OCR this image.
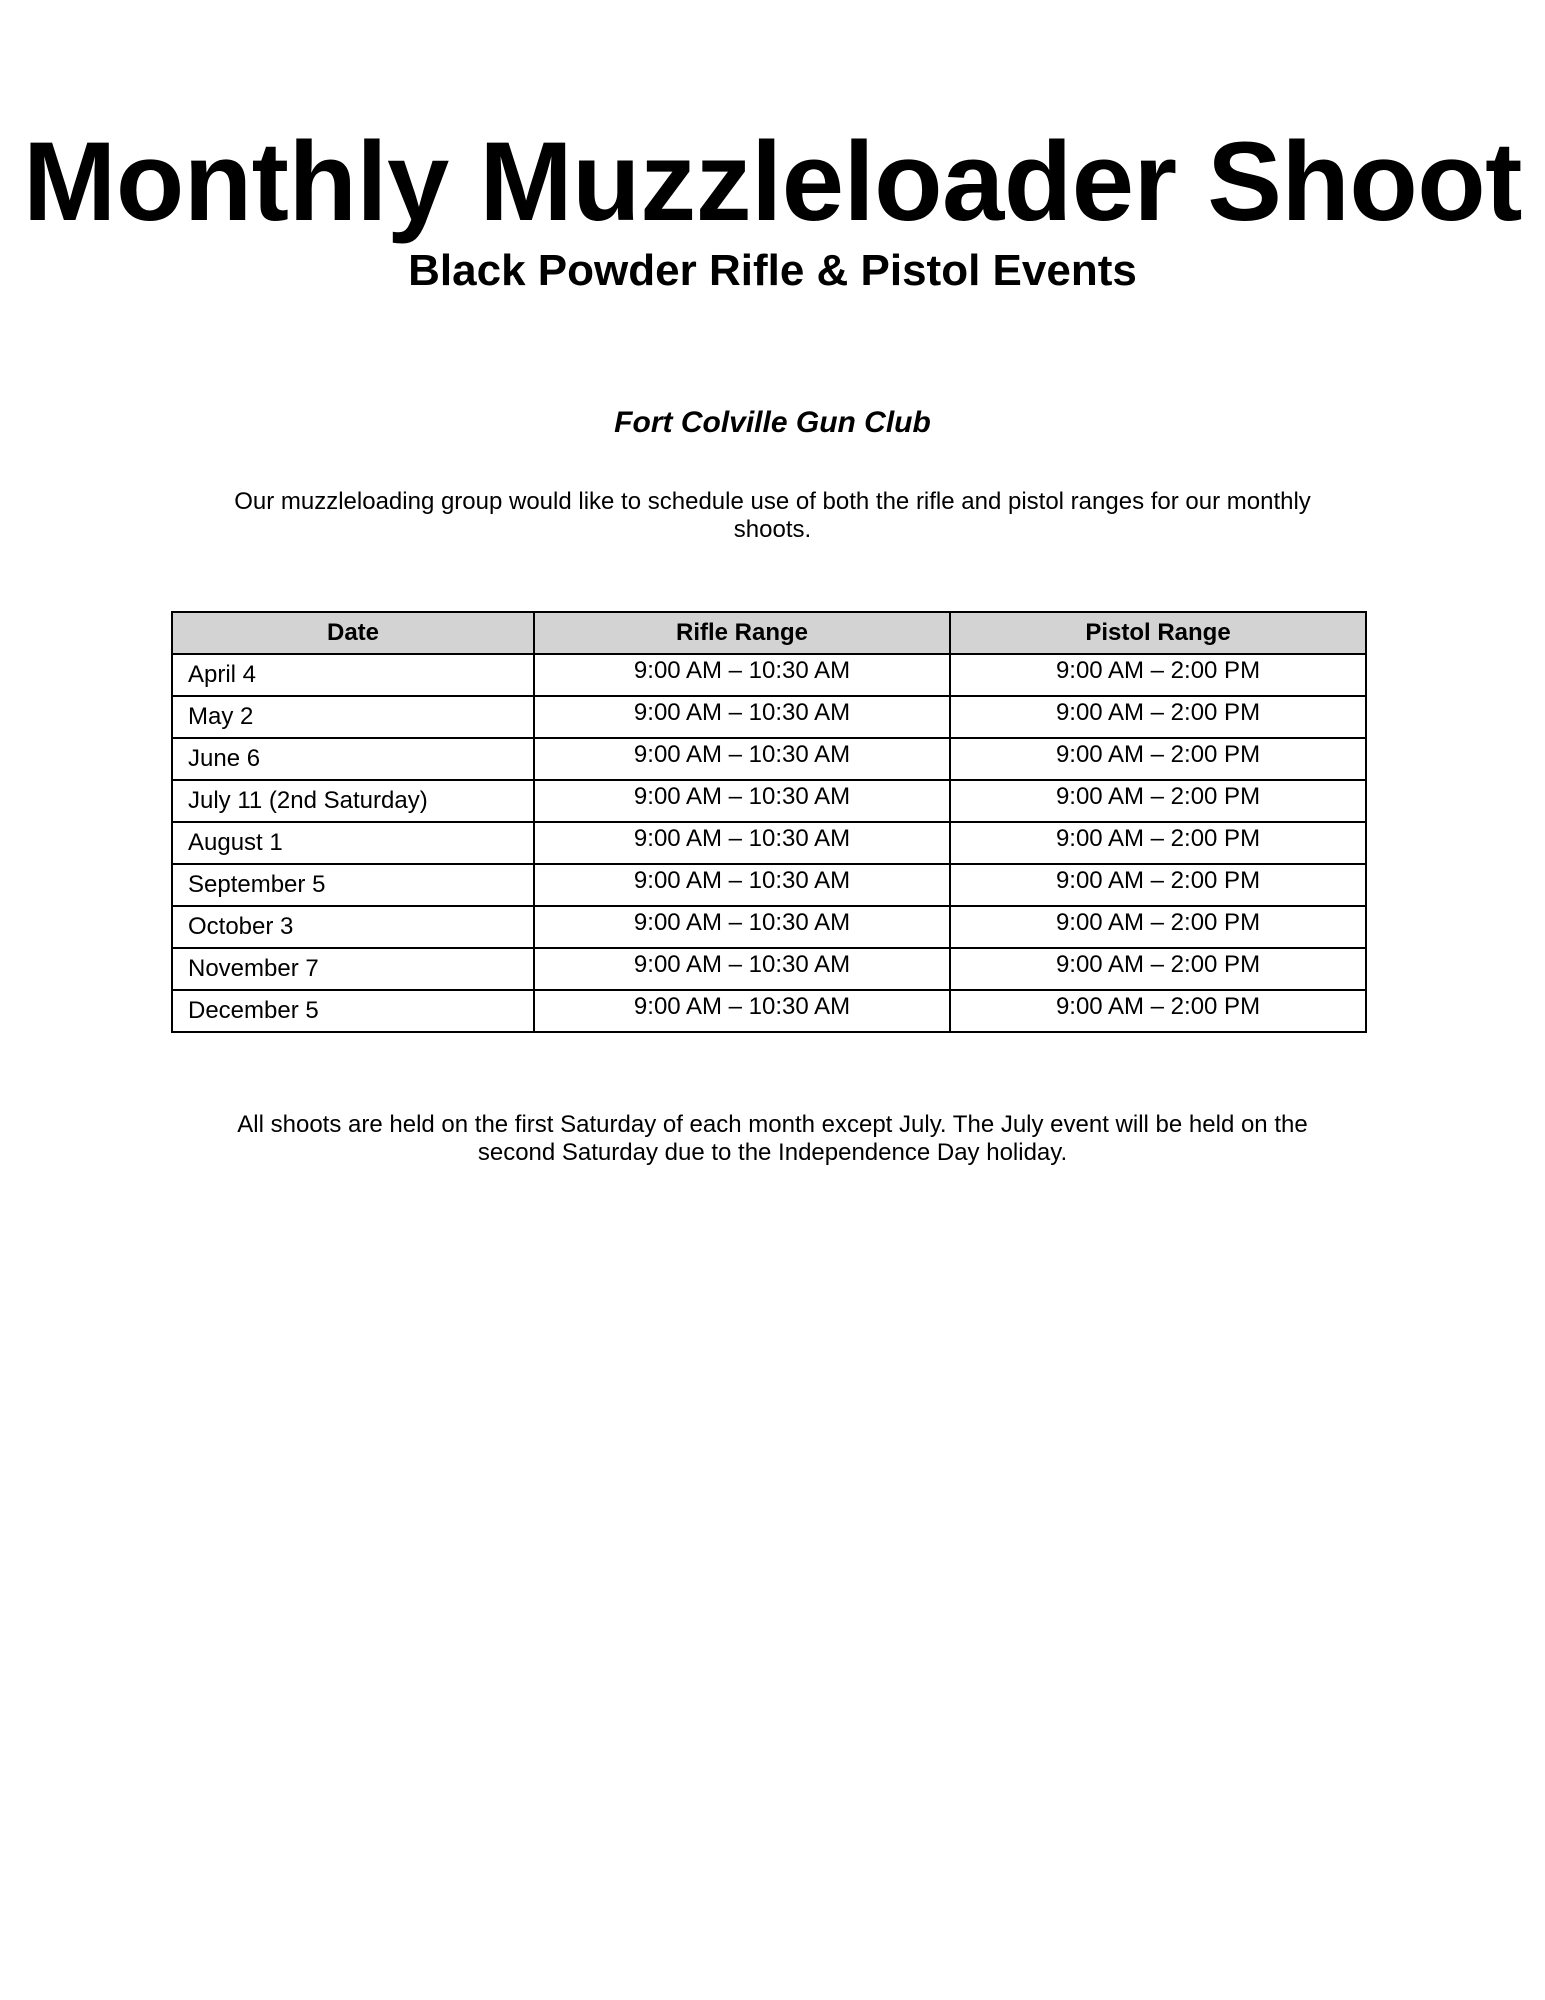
Monthly Muzzleloader Shoot
Black Powder Rifle & Pistol Events
Fort Colville Gun Club
Our muzzleloading group would like to schedule use of both the rifle and pistol ranges for our monthly shoots.
Date	Rifle Range	Pistol Range
April 4	9:00 AM – 10:30 AM	9:00 AM – 2:00 PM
May 2	9:00 AM – 10:30 AM	9:00 AM – 2:00 PM
June 6	9:00 AM – 10:30 AM	9:00 AM – 2:00 PM
July 11 (2nd Saturday)	9:00 AM – 10:30 AM	9:00 AM – 2:00 PM
August 1	9:00 AM – 10:30 AM	9:00 AM – 2:00 PM
September 5	9:00 AM – 10:30 AM	9:00 AM – 2:00 PM
October 3	9:00 AM – 10:30 AM	9:00 AM – 2:00 PM
November 7	9:00 AM – 10:30 AM	9:00 AM – 2:00 PM
December 5	9:00 AM – 10:30 AM	9:00 AM – 2:00 PM
All shoots are held on the first Saturday of each month except July. The July event will be held on the second Saturday due to the Independence Day holiday.
